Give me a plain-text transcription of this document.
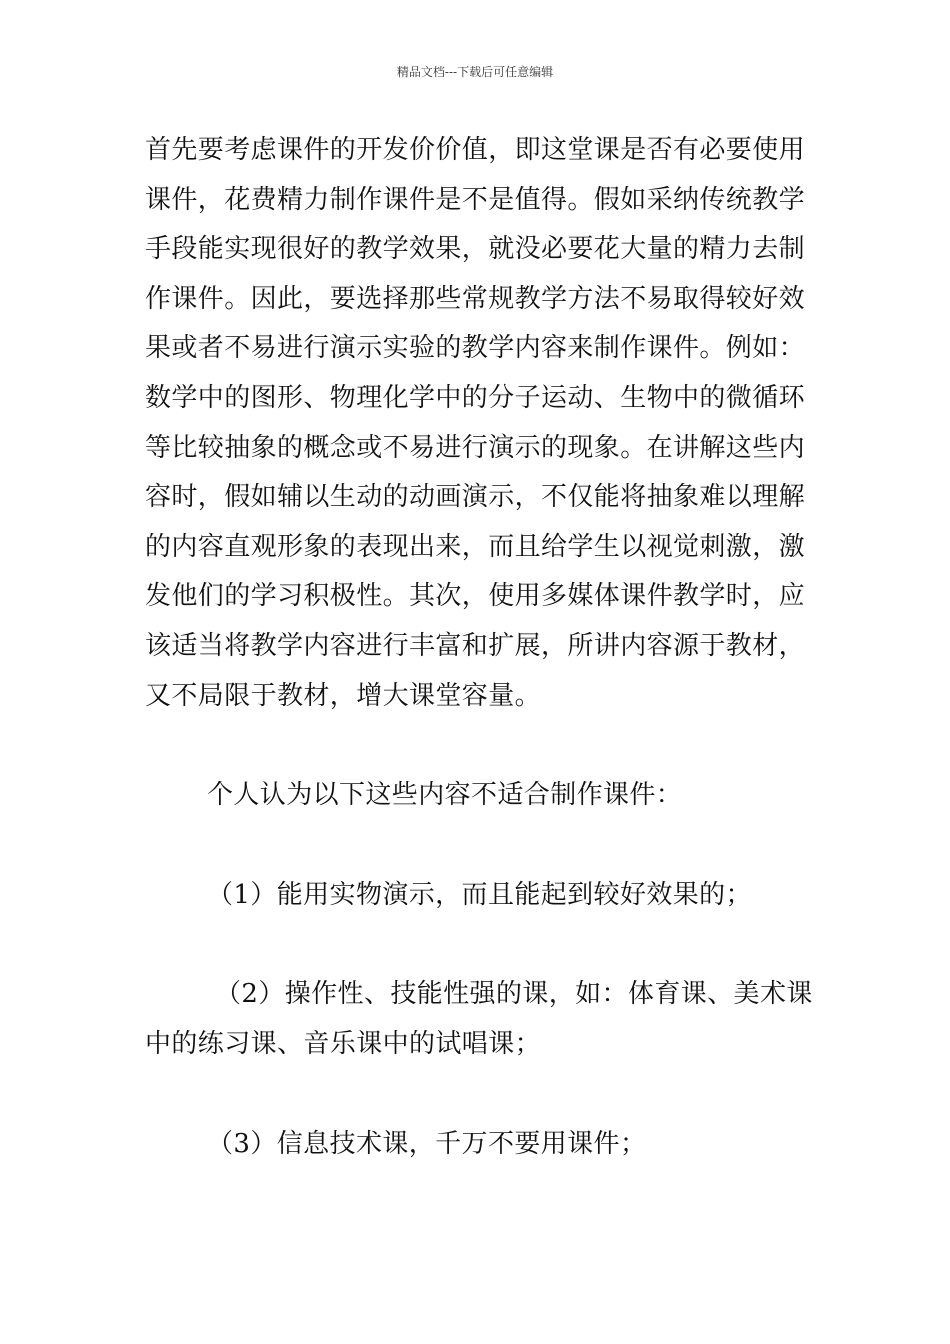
精品文档---下载后可任意编辑
首先要考虑课件的开发价价值，即这堂课是否有必要使用
课件，花费精力制作课件是不是值得。假如采纳传统教学
手段能实现很好的教学效果，就没必要花大量的精力去制
作课件。因此，要选择那些常规教学方法不易取得较好效
果或者不易进行演示实验的教学内容来制作课件。例如：
数学中的图形、物理化学中的分子运动、生物中的微循环
等比较抽象的概念或不易进行演示的现象。在讲解这些内
容时，假如辅以生动的动画演示，不仅能将抽象难以理解
的内容直观形象的表现出来，而且给学生以视觉刺激，激
发他们的学习积极性。其次，使用多媒体课件教学时，应
该适当将教学内容进行丰富和扩展，所讲内容源于教材，
又不局限于教材，增大课堂容量。
个人认为以下这些内容不适合制作课件：
（1）能用实物演示，而且能起到较好效果的；
（2）操作性、技能性强的课，如：体育课、美术课
中的练习课、音乐课中的试唱课；
（3）信息技术课，千万不要用课件；
